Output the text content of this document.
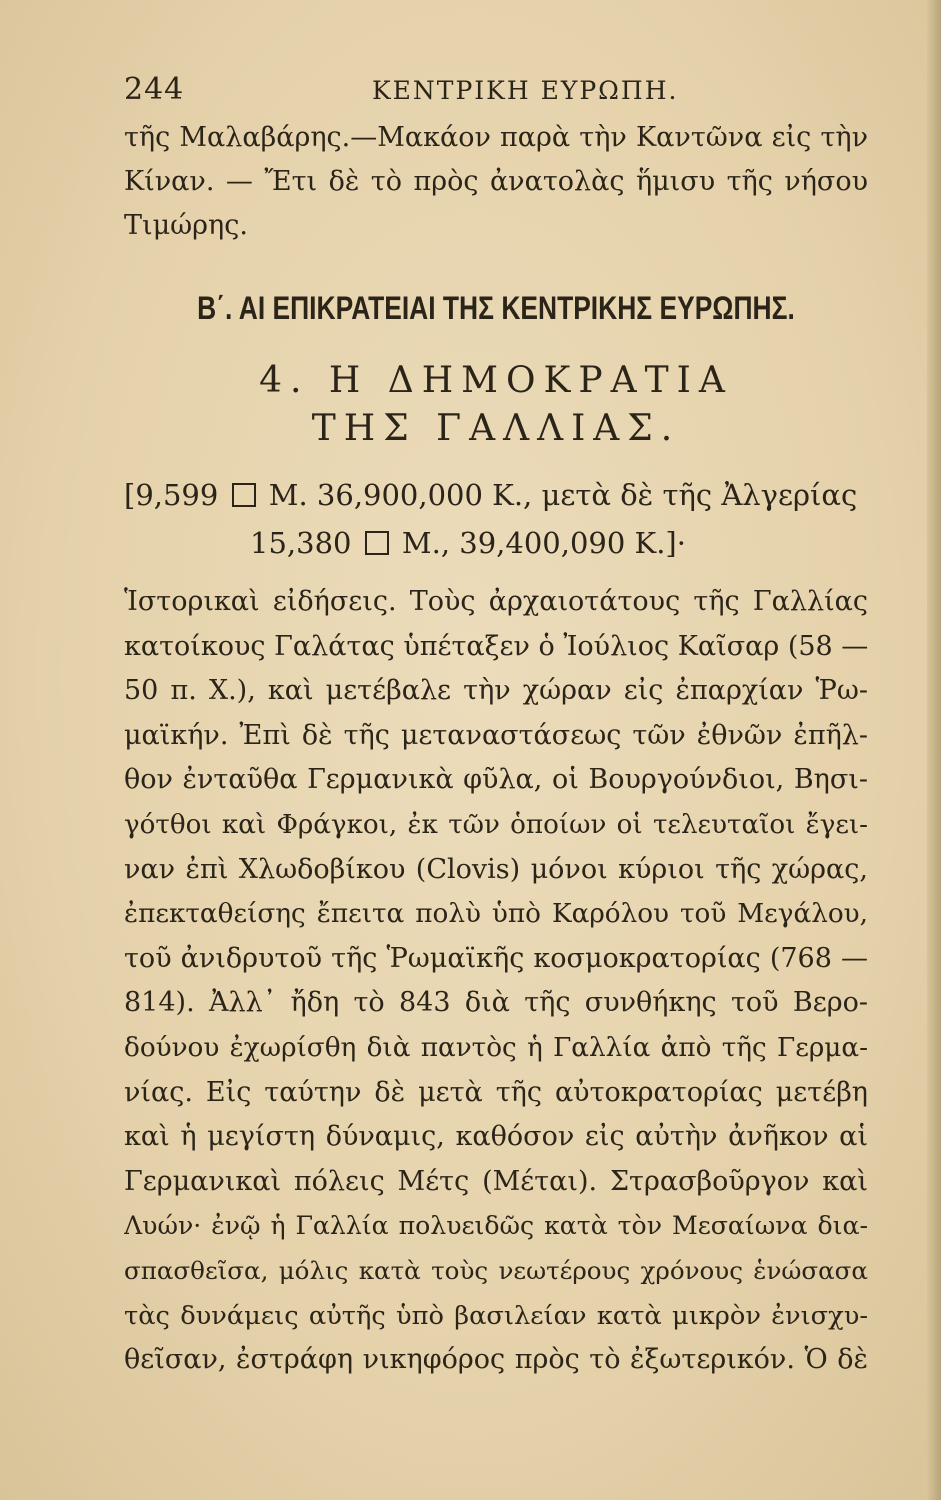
244	ΚΕΝΤΡΙΚΗ ΕΥΡΩΠΗ.
τῆς Μαλαβάρης.—Μακάον παρὰ τὴν Καντῶνα εἰς τὴν
Κίναν. — Ἔτι δὲ τὸ πρὸς ἀνατολὰς ἥμισυ τῆς νήσου
Τιμώρης.
Β΄. ΑΙ ΕΠΙΚΡΑΤΕΙΑΙ ΤΗΣ ΚΕΝΤΡΙΚΗΣ ΕΥΡΩΠΗΣ.
4. Η ΔΗΜΟΚΡΑΤΙΑ
ΤΗΣ ΓΑΛΛΙΑΣ.
[9,599 Μ. 36,900,000 Κ., μετὰ δὲ τῆς Ἀλγερίας
15,380 Μ., 39,400,090 Κ.]·
Ἱστορικαὶ εἰδήσεις. Τοὺς ἀρχαιοτάτους τῆς Γαλλίας
κατοίκους Γαλάτας ὑπέταξεν ὁ Ἰούλιος Καῖσαρ (58 —
50 π. Χ.), καὶ μετέβαλε τὴν χώραν εἰς ἐπαρχίαν Ῥω-
μαϊκήν. Ἐπὶ δὲ τῆς μεταναστάσεως τῶν ἐθνῶν ἐπῆλ-
θον ἐνταῦθα Γερμανικὰ φῦλα, οἱ Βουργούνδιοι, Βησι-
γότθοι καὶ Φράγκοι, ἐκ τῶν ὁποίων οἱ τελευταῖοι ἔγει-
ναν ἐπὶ Χλωδοβίκου (Clovis) μόνοι κύριοι τῆς χώρας,
ἐπεκταθείσης ἔπειτα πολὺ ὑπὸ Καρόλου τοῦ Μεγάλου,
τοῦ ἀνιδρυτοῦ τῆς Ῥωμαϊκῆς κοσμοκρατορίας (768 —
814). Ἀλλ᾽ ἤδη τὸ 843 διὰ τῆς συνθήκης τοῦ Βερο-
δούνου ἐχωρίσθη διὰ παντὸς ἡ Γαλλία ἀπὸ τῆς Γερμα-
νίας. Εἰς ταύτην δὲ μετὰ τῆς αὐτοκρατορίας μετέβη
καὶ ἡ μεγίστη δύναμις, καθόσον εἰς αὐτὴν ἀνῆκον αἱ
Γερμανικαὶ πόλεις Μέτς (Μέται). Στρασβοῦργον καὶ
Λυών· ἐνῷ ἡ Γαλλία πολυειδῶς κατὰ τὸν Μεσαίωνα δια-
σπασθεῖσα, μόλις κατὰ τοὺς νεωτέρους χρόνους ἑνώσασα
τὰς δυνάμεις αὐτῆς ὑπὸ βασιλείαν κατὰ μικρὸν ἐνισχυ-
θεῖσαν, ἐστράφη νικηφόρος πρὸς τὸ ἐξωτερικόν. Ὁ δὲ
